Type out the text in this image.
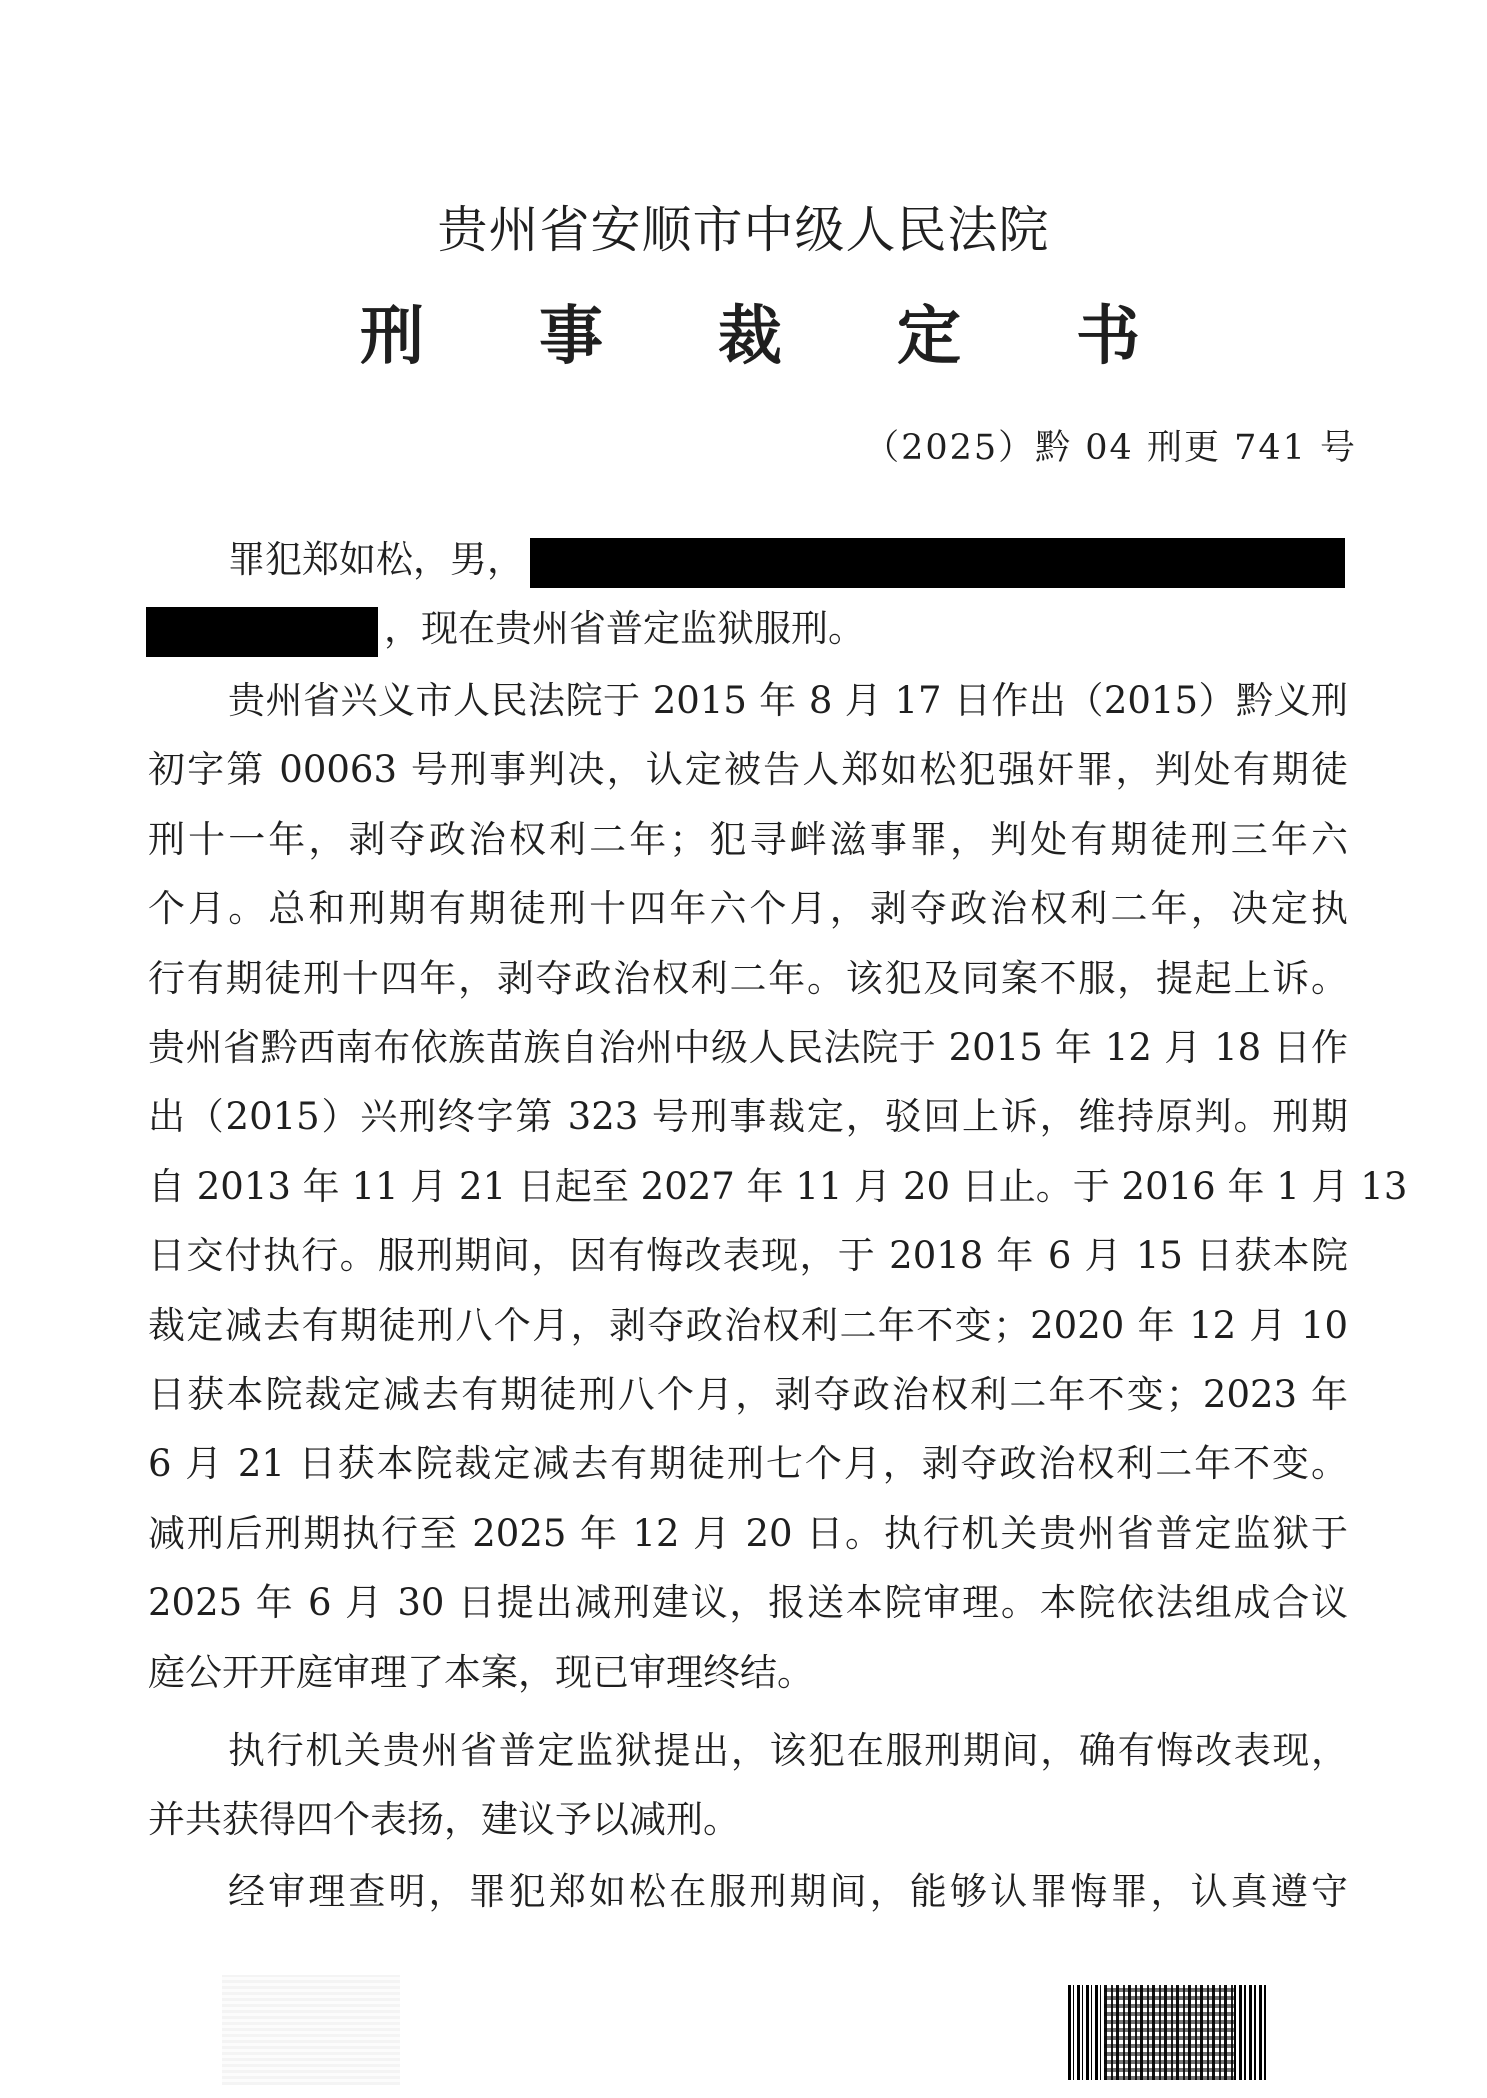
贵州省安顺市中级人民法院
刑 事 裁 定 书
（2025）黔 04 刑更 741 号
罪犯郑如松，男，
，现在贵州省普定监狱服刑。
贵州省兴义市人民法院于 2015 年 8 月 17 日作出（2015）黔义刑
初字第 00063 号刑事判决，认定被告人郑如松犯强奸罪，判处有期徒
刑十一年，剥夺政治权利二年；犯寻衅滋事罪，判处有期徒刑三年六
个月。总和刑期有期徒刑十四年六个月，剥夺政治权利二年，决定执
行有期徒刑十四年，剥夺政治权利二年。该犯及同案不服，提起上诉。
贵州省黔西南布依族苗族自治州中级人民法院于 2015 年 12 月 18 日作
出（2015）兴刑终字第 323 号刑事裁定，驳回上诉，维持原判。刑期
自 2013 年 11 月 21 日起至 2027 年 11 月 20 日止。于 2016 年 1 月 13
日交付执行。服刑期间，因有悔改表现，于 2018 年 6 月 15 日获本院
裁定减去有期徒刑八个月，剥夺政治权利二年不变；2020 年 12 月 10
日获本院裁定减去有期徒刑八个月，剥夺政治权利二年不变；2023 年
6 月 21 日获本院裁定减去有期徒刑七个月，剥夺政治权利二年不变。
减刑后刑期执行至 2025 年 12 月 20 日。执行机关贵州省普定监狱于
2025 年 6 月 30 日提出减刑建议，报送本院审理。本院依法组成合议
庭公开开庭审理了本案，现已审理终结。
执行机关贵州省普定监狱提出，该犯在服刑期间，确有悔改表现，
并共获得四个表扬，建议予以减刑。
经审理查明，罪犯郑如松在服刑期间，能够认罪悔罪，认真遵守
